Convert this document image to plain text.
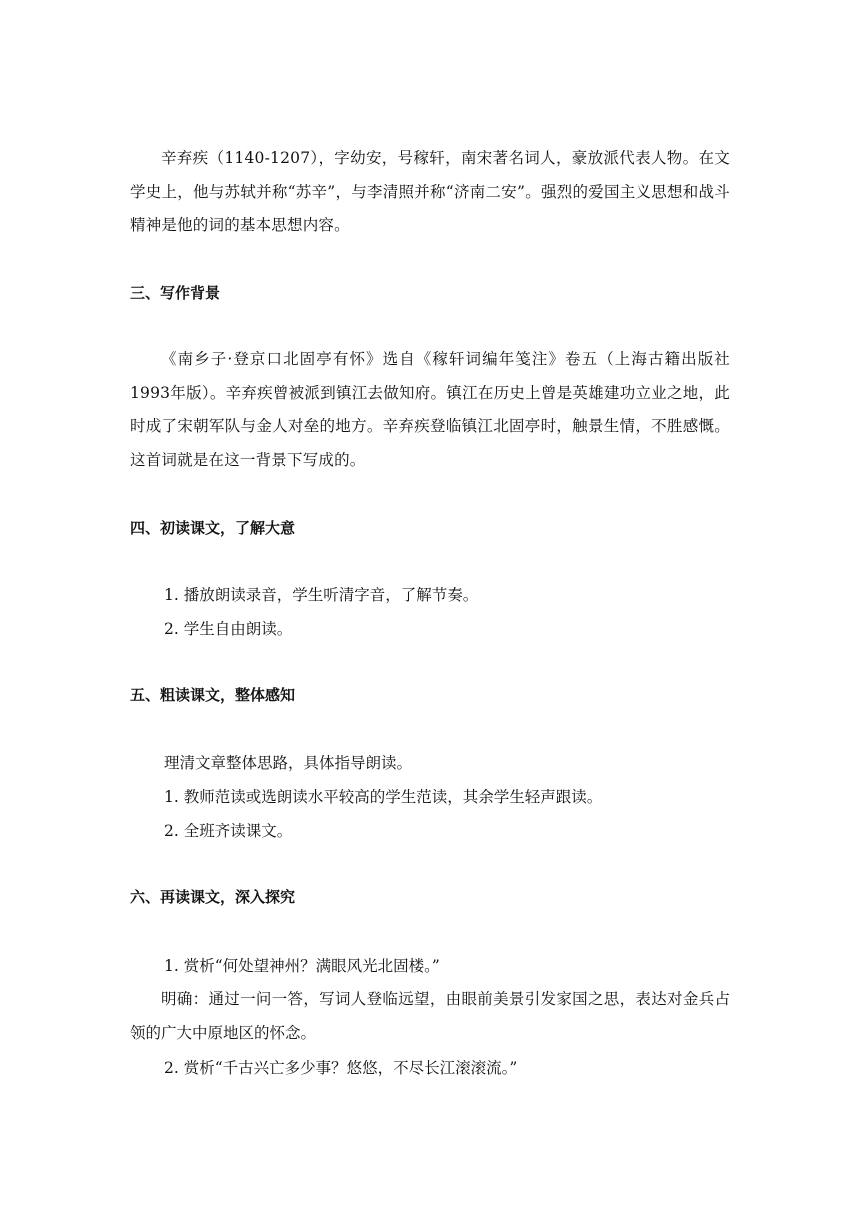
辛弃疾（1140-1207），字幼安，号稼轩，南宋著名词人，豪放派代表人物。在文学史上，他与苏轼并称“苏辛”，与李清照并称“济南二安”。强烈的爱国主义思想和战斗精神是他的词的基本思想内容。

三、写作背景

《南乡子·登京口北固亭有怀》选自《稼轩词编年笺注》卷五（上海古籍出版社1993年版）。辛弃疾曾被派到镇江去做知府。镇江在历史上曾是英雄建功立业之地，此时成了宋朝军队与金人对垒的地方。辛弃疾登临镇江北固亭时，触景生情，不胜感慨。这首词就是在这一背景下写成的。

四、初读课文，了解大意

1. 播放朗读录音，学生听清字音，了解节奏。

2. 学生自由朗读。

五、粗读课文，整体感知

理清文章整体思路，具体指导朗读。

1. 教师范读或选朗读水平较高的学生范读，其余学生轻声跟读。

2. 全班齐读课文。

六、再读课文，深入探究

1. 赏析“何处望神州？满眼风光北固楼。”

明确：通过一问一答，写词人登临远望，由眼前美景引发家国之思，表达对金兵占领的广大中原地区的怀念。

2. 赏析“千古兴亡多少事？悠悠，不尽长江滚滚流。”
